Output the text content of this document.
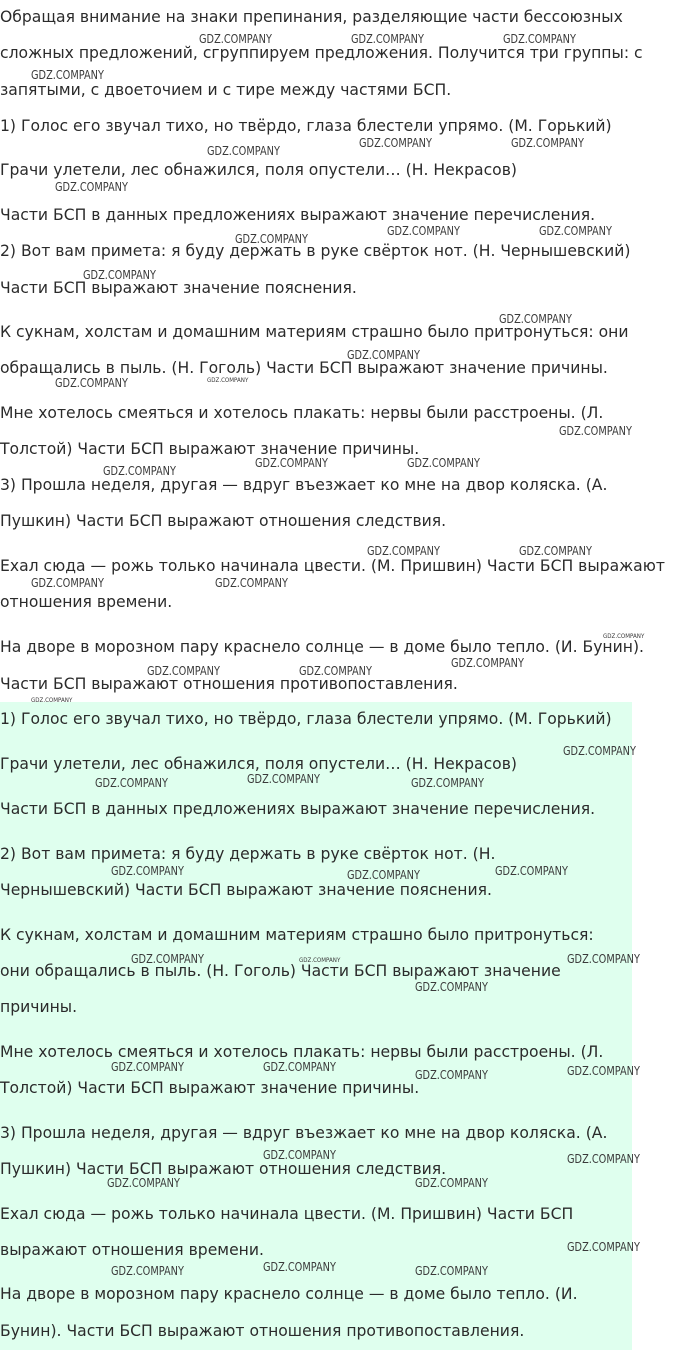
Обращая внимание на знаки препинания, разделяющие части бессоюзных
сложных предложений, сгруппируем предложения. Получится три группы: с
запятыми, с двоеточием и с тире между частями БСП.
1) Голос его звучал тихо, но твёрдо, глаза блестели упрямо. (М. Горький)
Грачи улетели, лес обнажился, поля опустели… (Н. Некрасов)
Части БСП в данных предложениях выражают значение перечисления.
2) Вот вам примета: я буду держать в руке свёрток нот. (Н. Чернышевский)
Части БСП выражают значение пояснения.
К сукнам, холстам и домашним материям страшно было притронуться: они
обращались в пыль. (Н. Гоголь) Части БСП выражают значение причины.
Мне хотелось смеяться и хотелось плакать: нервы были расстроены. (Л.
Толстой) Части БСП выражают значение причины.
3) Прошла неделя, другая — вдруг въезжает ко мне на двор коляска. (А.
Пушкин) Части БСП выражают отношения следствия.
Ехал сюда — рожь только начинала цвести. (М. Пришвин) Части БСП выражают
отношения времени.
На дворе в морозном пару краснело солнце — в доме было тепло. (И. Бунин).
Части БСП выражают отношения противопоставления.
1) Голос его звучал тихо, но твёрдо, глаза блестели упрямо. (М. Горький)
Грачи улетели, лес обнажился, поля опустели… (Н. Некрасов)
Части БСП в данных предложениях выражают значение перечисления.
2) Вот вам примета: я буду держать в руке свёрток нот. (Н.
Чернышевский) Части БСП выражают значение пояснения.
К сукнам, холстам и домашним материям страшно было притронуться:
они обращались в пыль. (Н. Гоголь) Части БСП выражают значение
причины.
Мне хотелось смеяться и хотелось плакать: нервы были расстроены. (Л.
Толстой) Части БСП выражают значение причины.
3) Прошла неделя, другая — вдруг въезжает ко мне на двор коляска. (А.
Пушкин) Части БСП выражают отношения следствия.
Ехал сюда — рожь только начинала цвести. (М. Пришвин) Части БСП
выражают отношения времени.
На дворе в морозном пару краснело солнце — в доме было тепло. (И.
Бунин). Части БСП выражают отношения противопоставления.
GDZ.COMPANY	GDZ.COMPANY	GDZ.COMPANY
GDZ.COMPANY
GDZ.COMPANY	GDZ.COMPANY
GDZ.COMPANY
GDZ.COMPANY
GDZ.COMPANY	GDZ.COMPANY
GDZ.COMPANY
GDZ.COMPANY
GDZ.COMPANY
GDZ.COMPANY
GDZ.COMPANY	GDZ.COMPANY
GDZ.COMPANY
GDZ.COMPANY	GDZ.COMPANY
GDZ.COMPANY
GDZ.COMPANY	GDZ.COMPANY
GDZ.COMPANY	GDZ.COMPANY
GDZ.COMPANY
GDZ.COMPANY
GDZ.COMPANY	GDZ.COMPANY
GDZ.COMPANY
GDZ.COMPANY
GDZ.COMPANY
GDZ.COMPANY	GDZ.COMPANY
GDZ.COMPANY	GDZ.COMPANY
GDZ.COMPANY
GDZ.COMPANY	GDZ.COMPANY	GDZ.COMPANY
GDZ.COMPANY
GDZ.COMPANY	GDZ.COMPANY	GDZ.COMPANY
GDZ.COMPANY
GDZ.COMPANY	GDZ.COMPANY
GDZ.COMPANY	GDZ.COMPANY
GDZ.COMPANY
GDZ.COMPANY
GDZ.COMPANY	GDZ.COMPANY
